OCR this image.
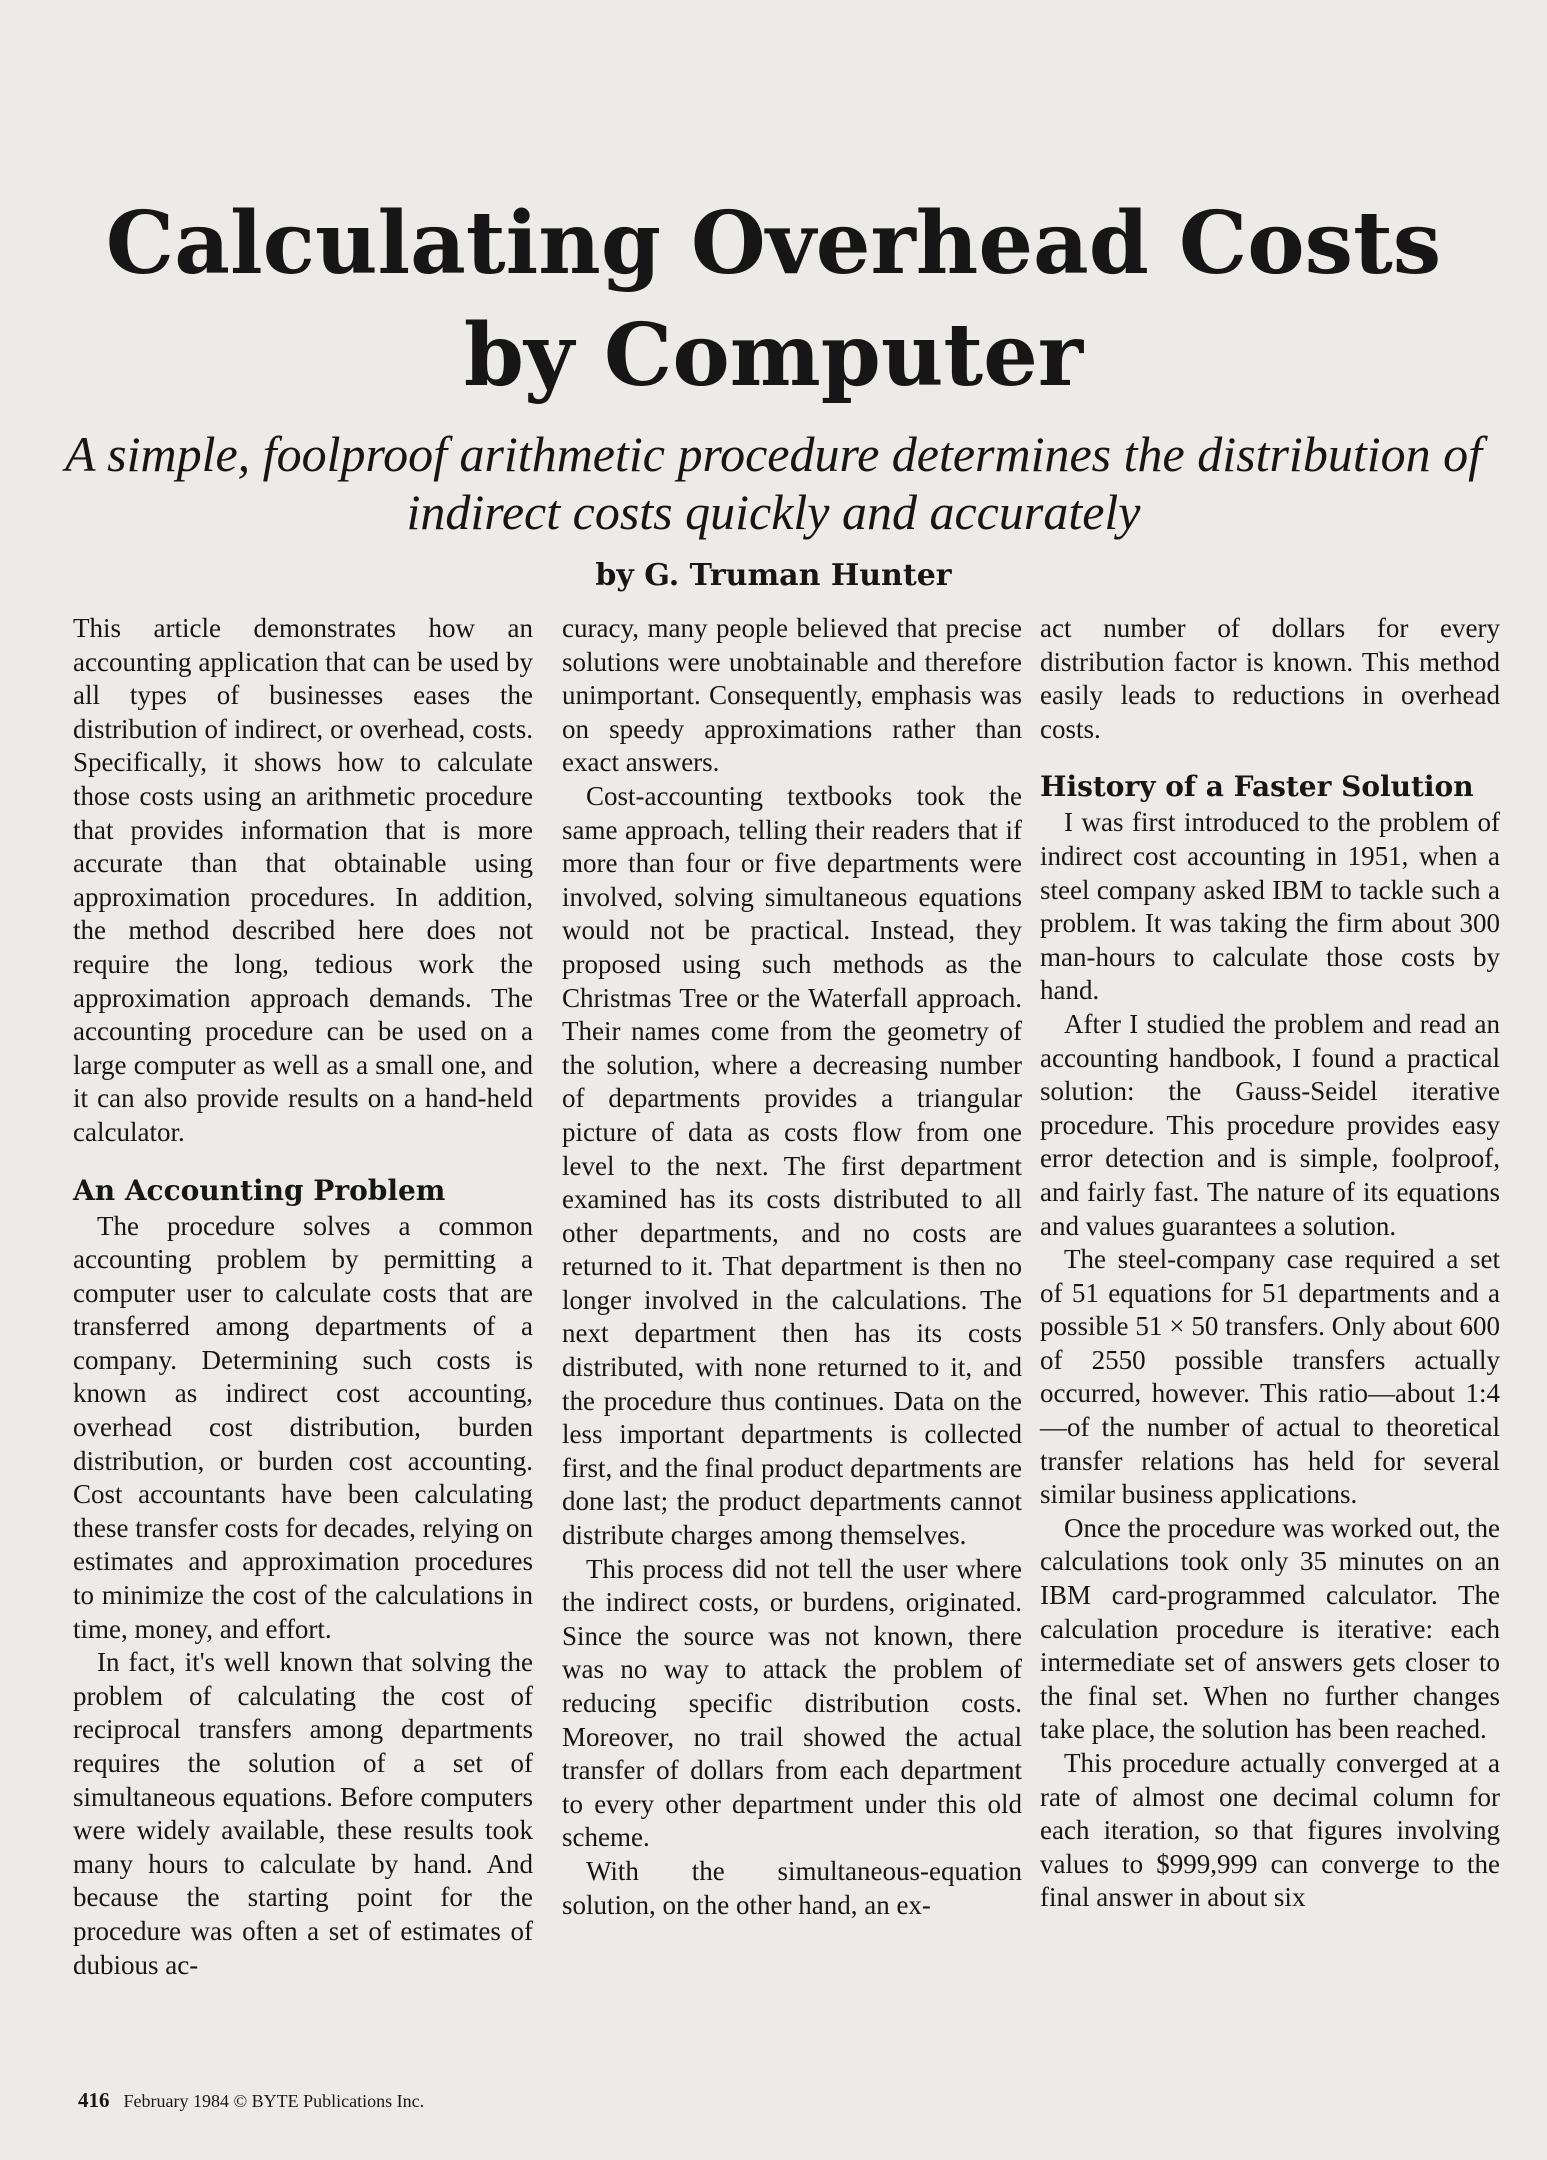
Calculating Overhead Costs by Computer
A simple, foolproof arithmetic procedure determines the distribution of indirect costs quickly and accurately
by G. Truman Hunter

This article demonstrates how an accounting application that can be used by all types of businesses eases the distribution of indirect, or overhead, costs. Specifically, it shows how to calculate those costs using an arithmetic procedure that provides information that is more accurate than that obtainable using approximation procedures. In addition, the method described here does not require the long, tedious work the approximation approach demands. The accounting procedure can be used on a large computer as well as a small one, and it can also provide results on a hand-held calculator.

An Accounting Problem

The procedure solves a common accounting problem by permitting a computer user to calculate costs that are transferred among departments of a company. Determining such costs is known as indirect cost accounting, overhead cost distribution, burden distribution, or burden cost accounting. Cost accountants have been calculating these transfer costs for decades, relying on estimates and approximation procedures to minimize the cost of the calculations in time, money, and effort.

In fact, it's well known that solving the problem of calculating the cost of reciprocal transfers among departments requires the solution of a set of simultaneous equations. Before computers were widely available, these results took many hours to calculate by hand. And because the starting point for the procedure was often a set of estimates of dubious ac-

curacy, many people believed that precise solutions were unobtainable and therefore unimportant. Consequently, emphasis was on speedy approximations rather than exact answers.

Cost-accounting textbooks took the same approach, telling their readers that if more than four or five departments were involved, solving simultaneous equations would not be practical. Instead, they proposed using such methods as the Christmas Tree or the Waterfall approach. Their names come from the geometry of the solution, where a decreasing number of departments provides a triangular picture of data as costs flow from one level to the next. The first department examined has its costs distributed to all other departments, and no costs are returned to it. That department is then no longer involved in the calculations. The next department then has its costs distributed, with none returned to it, and the procedure thus continues. Data on the less important departments is collected first, and the final product departments are done last; the product departments cannot distribute charges among themselves.

This process did not tell the user where the indirect costs, or burdens, originated. Since the source was not known, there was no way to attack the problem of reducing specific distribution costs. Moreover, no trail showed the actual transfer of dollars from each department to every other department under this old scheme.

With the simultaneous-equation solution, on the other hand, an ex-

act number of dollars for every distribution factor is known. This method easily leads to reductions in overhead costs.

History of a Faster Solution

I was first introduced to the problem of indirect cost accounting in 1951, when a steel company asked IBM to tackle such a problem. It was taking the firm about 300 man-hours to calculate those costs by hand.

After I studied the problem and read an accounting handbook, I found a practical solution: the Gauss-Seidel iterative procedure. This procedure provides easy error detection and is simple, foolproof, and fairly fast. The nature of its equations and values guarantees a solution.

The steel-company case required a set of 51 equations for 51 departments and a possible 51 × 50 transfers. Only about 600 of 2550 possible transfers actually occurred, however. This ratio—about 1:4—of the number of actual to theoretical transfer relations has held for several similar business applications.

Once the procedure was worked out, the calculations took only 35 minutes on an IBM card-programmed calculator. The calculation procedure is iterative: each intermediate set of answers gets closer to the final set. When no further changes take place, the solution has been reached.

This procedure actually converged at a rate of almost one decimal column for each iteration, so that figures involving values to $999,999 can converge to the final answer in about six

416 February 1984 © BYTE Publications Inc.
